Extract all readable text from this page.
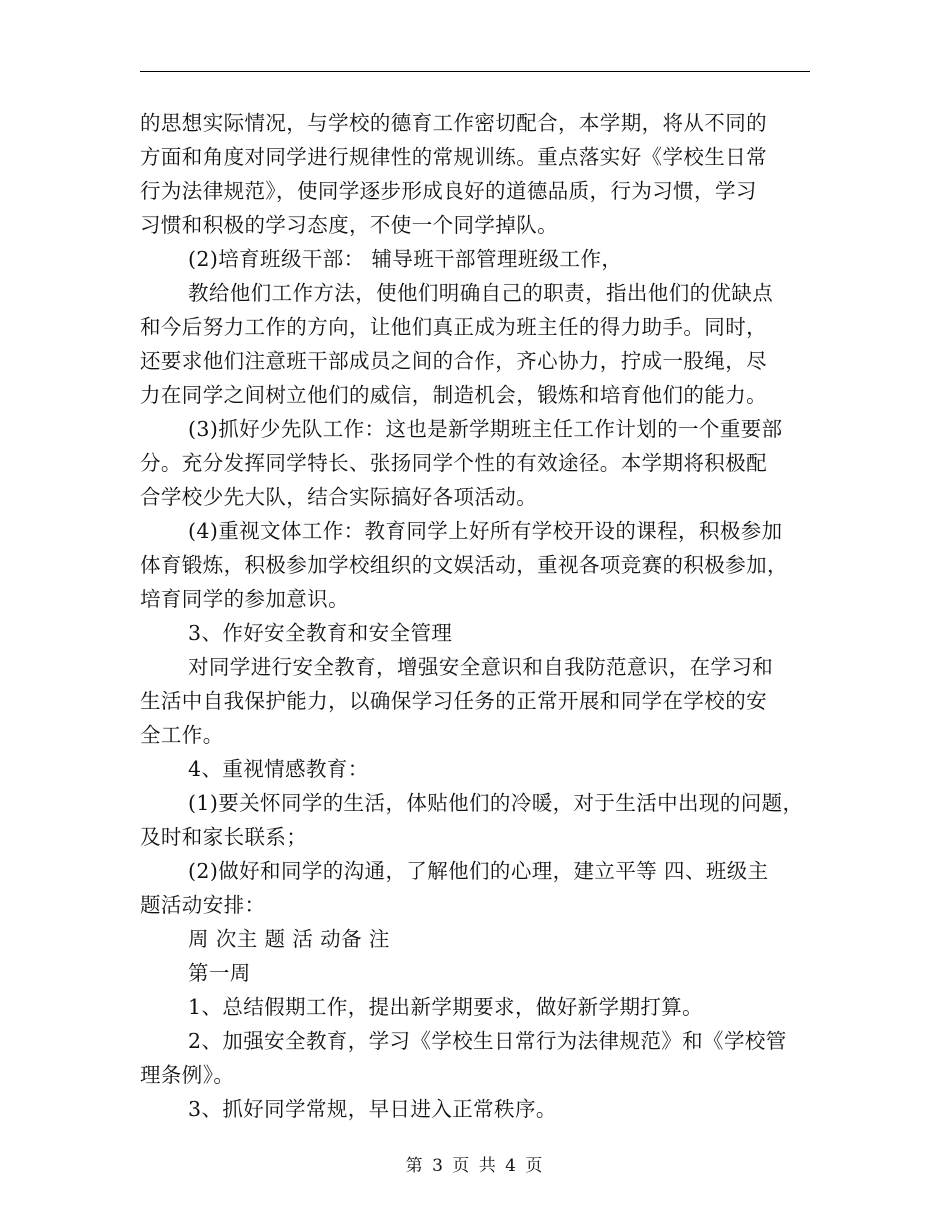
的思想实际情况，与学校的德育工作密切配合，本学期，将从不同的
方面和角度对同学进行规律性的常规训练。重点落实好《学校生日常
行为法律规范》，使同学逐步形成良好的道德品质，行为习惯，学习
习惯和积极的学习态度，不使一个同学掉队。
(2)培育班级干部： 辅导班干部管理班级工作，
教给他们工作方法，使他们明确自己的职责，指出他们的优缺点
和今后努力工作的方向，让他们真正成为班主任的得力助手。同时，
还要求他们注意班干部成员之间的合作，齐心协力，拧成一股绳，尽
力在同学之间树立他们的威信，制造机会，锻炼和培育他们的能力。
(3)抓好少先队工作：这也是新学期班主任工作计划的一个重要部
分。充分发挥同学特长、张扬同学个性的有效途径。本学期将积极配
合学校少先大队，结合实际搞好各项活动。
(4)重视文体工作：教育同学上好所有学校开设的课程，积极参加
体育锻炼，积极参加学校组织的文娱活动，重视各项竞赛的积极参加，
培育同学的参加意识。
3、作好安全教育和安全管理
对同学进行安全教育，增强安全意识和自我防范意识，在学习和
生活中自我保护能力，以确保学习任务的正常开展和同学在学校的安
全工作。
4、重视情感教育：
(1)要关怀同学的生活，体贴他们的冷暖，对于生活中出现的问题，
及时和家长联系；
(2)做好和同学的沟通，了解他们的心理，建立平等 四、班级主
题活动安排：
周 次主 题 活 动备 注
第一周
1、总结假期工作，提出新学期要求，做好新学期打算。
2、加强安全教育，学习《学校生日常行为法律规范》和《学校管
理条例》。
3、抓好同学常规，早日进入正常秩序。
第 3 页 共 4 页
